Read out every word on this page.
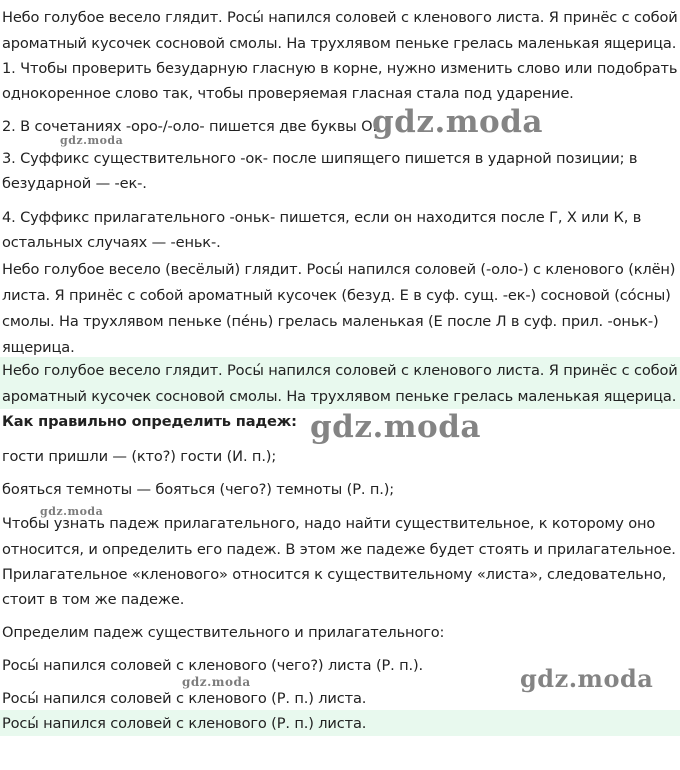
Небо голубое весело глядит. Росы́ напился соловей с кленового листа. Я принёс с собой
ароматный кусочек сосновой смолы. На трухлявом пеньке грелась маленькая ящерица.
1. Чтобы проверить безударную гласную в корне, нужно изменить слово или подобрать
однокоренное слово так, чтобы проверяемая гласная стала под ударение.
2. В сочетаниях -оро-/-оло- пишется две буквы О.
3. Суффикс существительного -ок- после шипящего пишется в ударной позиции; в
безударной — -ек-.
4. Суффикс прилагательного -оньк- пишется, если он находится после Г, Х или К, в
остальных случаях — -еньк-.
Небо голубое весело (весёлый) глядит. Росы́ напился соловей (-оло-) с кленового (клён)
листа. Я принёс с собой ароматный кусочек (безуд. Е в суф. сущ. -ек-) сосновой (со́сны)
смолы. На трухлявом пеньке (пе́нь) грелась маленькая (Е после Л в суф. прил. -оньк-)
ящерица.
Небо голубое весело глядит. Росы́ напился соловей с кленового листа. Я принёс с собой
ароматный кусочек сосновой смолы. На трухлявом пеньке грелась маленькая ящерица.
Как правильно определить падеж:
гости пришли — (кто?) гости (И. п.);
бояться темноты — бояться (чего?) темноты (Р. п.);
Чтобы узнать падеж прилагательного, надо найти существительное, к которому оно
относится, и определить его падеж. В этом же падеже будет стоять и прилагательное.
Прилагательное «кленового» относится к существительному «листа», следовательно,
стоит в том же падеже.
Определим падеж существительного и прилагательного:
Росы́ напился соловей с кленового (чего?) листа (Р. п.).
Росы́ напился соловей с кленового (Р. п.) листа.
Росы́ напился соловей с кленового (Р. п.) листа.
gdz.moda
gdz.moda
gdz.moda
gdz.moda
gdz.moda
gdz.moda
